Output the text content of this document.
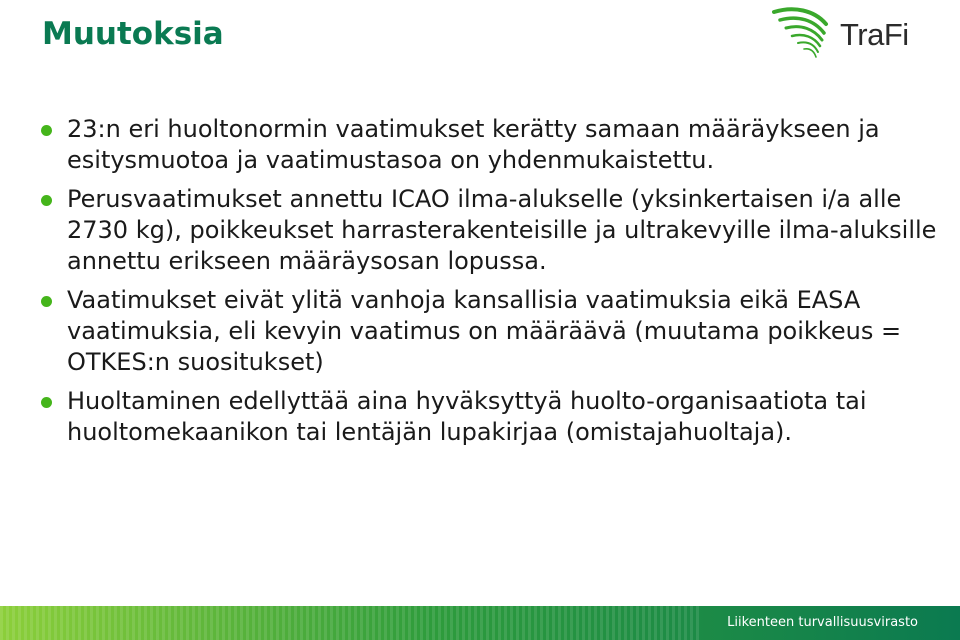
Muutoksia	TraFi
23:n eri huoltonormin vaatimukset kerätty samaan määräykseen ja esitysmuotoa ja vaatimustasoa on yhdenmukaistettu.
Perusvaatimukset annettu ICAO ilma-alukselle (yksinkertaisen i/a alle 2730 kg), poikkeukset harrasterakenteisille ja ultrakevyille ilma-aluksille annettu erikseen määräysosan lopussa.
Vaatimukset eivät ylitä vanhoja kansallisia vaatimuksia eikä EASA vaatimuksia, eli kevyin vaatimus on määräävä (muutama poikkeus = OTKES:n suositukset)
Huoltaminen edellyttää aina hyväksyttyä huolto-organisaatiota tai huoltomekaanikon tai lentäjän lupakirjaa (omistajahuoltaja).
Liikenteen turvallisuusvirasto
